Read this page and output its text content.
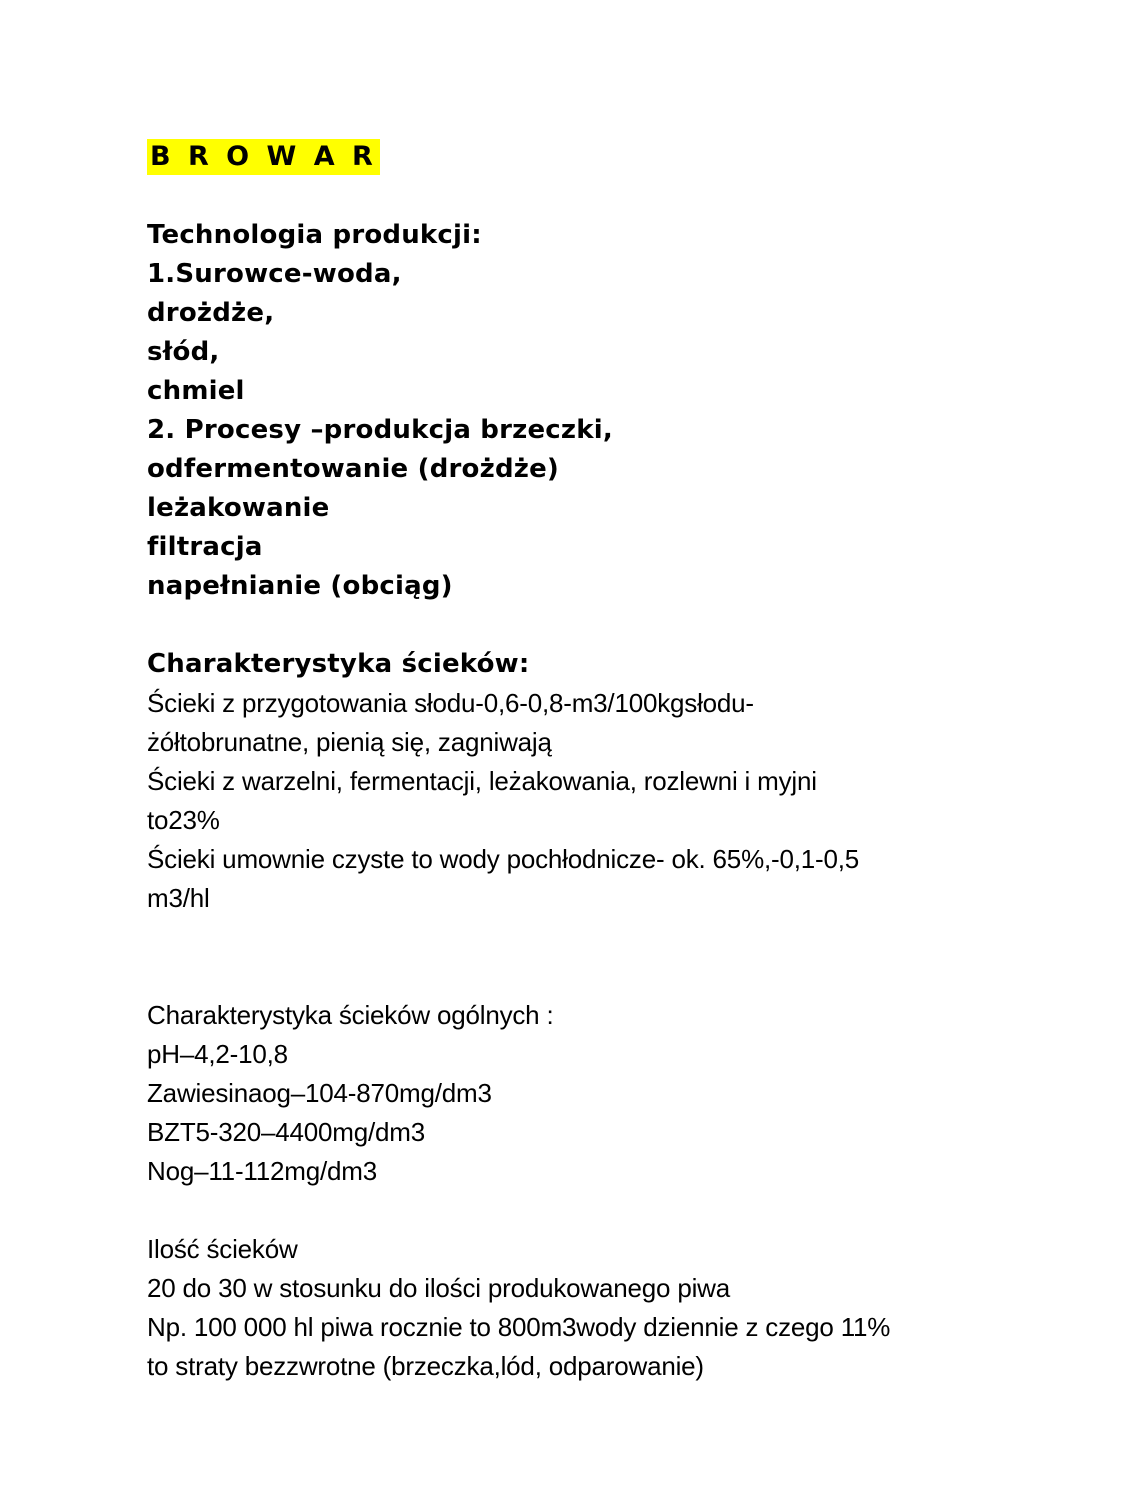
B R O W A R
Technologia produkcji:
1.Surowce-woda,
drożdże,
słód,
chmiel
2. Procesy –produkcja brzeczki,
odfermentowanie (drożdże)
leżakowanie
filtracja
napełnianie (obciąg)
Charakterystyka ścieków:
Ścieki z przygotowania słodu-0,6-0,8-m3/100kgsłodu-
żółtobrunatne, pienią się, zagniwają
Ścieki z warzelni, fermentacji, leżakowania, rozlewni i myjni
to23%
Ścieki umownie czyste to wody pochłodnicze- ok. 65%,-0,1-0,5
m3/hl
Charakterystyka ścieków ogólnych :
pH–4,2-10,8
Zawiesinaog–104-870mg/dm3
BZT5-320–4400mg/dm3
Nog–11-112mg/dm3
Ilość ścieków
20 do 30 w stosunku do ilości produkowanego piwa
Np. 100 000 hl piwa rocznie to 800m3wody dziennie z czego 11%
to straty bezzwrotne (brzeczka,lód, odparowanie)
